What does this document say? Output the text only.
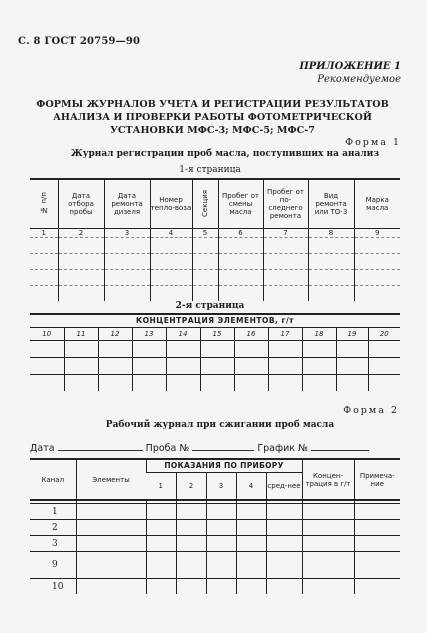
С. 8 ГОСТ 20759—90
ПРИЛОЖЕНИЕ 1
Рекомендуемое
ФОРМЫ ЖУРНАЛОВ УЧЕТА И РЕГИСТРАЦИИ РЕЗУЛЬТАТОВ
АНАЛИЗА И ПРОВЕРКИ РАБОТЫ ФОТОМЕТРИЧЕСКОЙ
УСТАНОВКИ МФС-3; МФС-5; МФС-7
Форма 1
Журнал регистрации проб масла, поступивших на анализ
1-я страница
№ п/п	Дата отбора пробы	Дата ремонта дизеля	Номер тепло-воза	Секция	Пробег от смены масла	Пробег от по-следнего ремонта	Вид ремонта или ТО-3	Марка масла
1	2	3	4	5	6	7	8	9

2-я страница
КОНЦЕНТРАЦИЯ ЭЛЕМЕНТОВ, г/т										
10	11	12	13	14	15	16	17	18	19	20

Форма 2
Рабочий журнал при сжигании проб масла
Дата	Проба №	График №
Канал	Элементы	ПОКАЗАНИЯ ПО ПРИБОРУ					Концен-трация в г/т	Примеча-ние
		1	2	3	4	сред-нее		

1								
2								
3								
9								
10								
